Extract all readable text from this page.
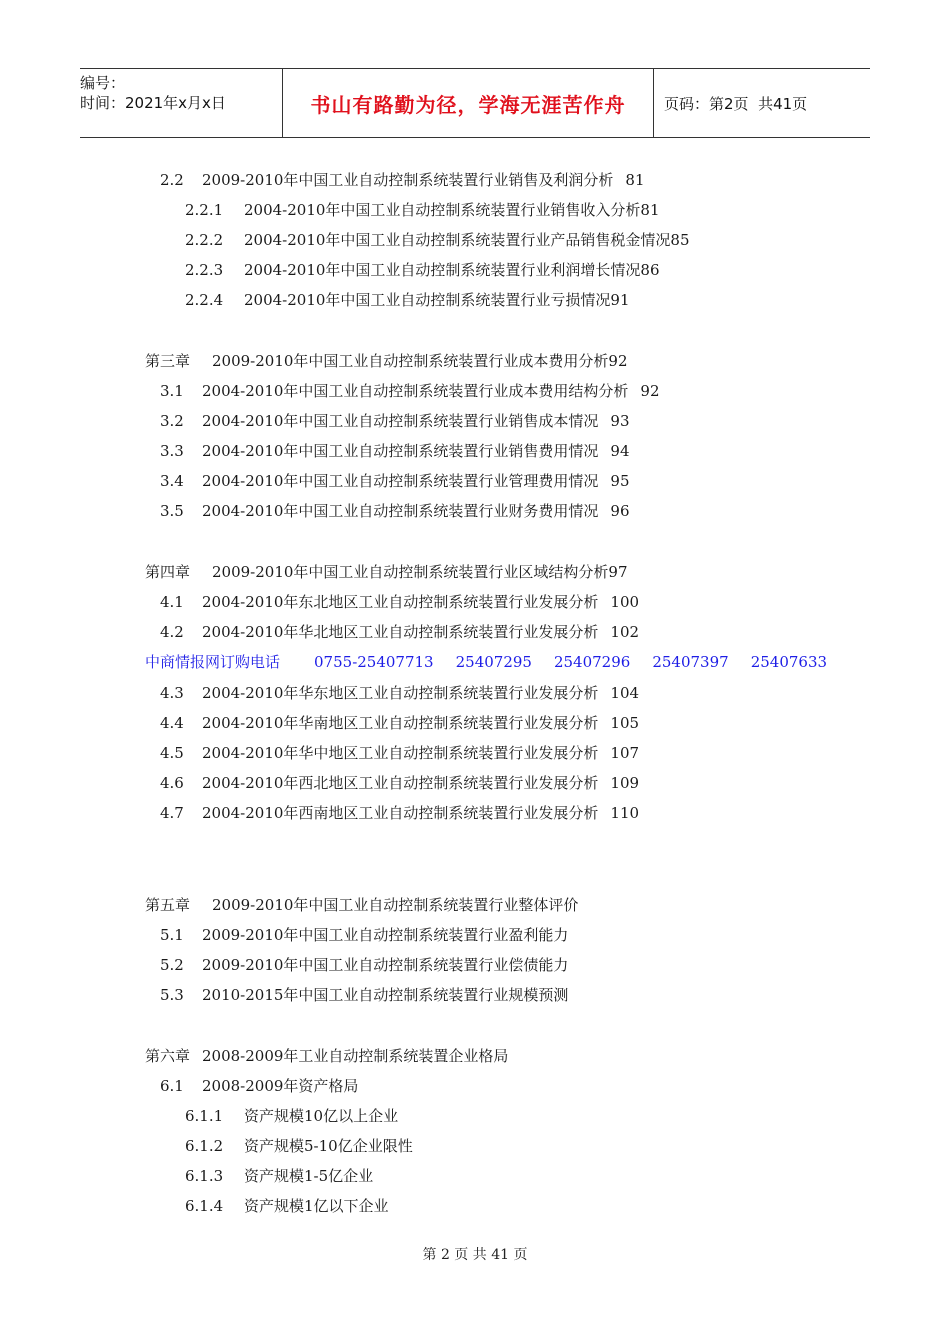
编号：
时间：2021年x月x日	书山有路勤为径，学海无涯苦作舟	页码：第2页  共41页
2.2 2009-2010年中国工业自动控制系统装置行业销售及利润分析 81
2.2.1 2004-2010年中国工业自动控制系统装置行业销售收入分析81
2.2.2 2004-2010年中国工业自动控制系统装置行业产品销售税金情况85
2.2.3 2004-2010年中国工业自动控制系统装置行业利润增长情况86
2.2.4 2004-2010年中国工业自动控制系统装置行业亏损情况91
第三章 2009-2010年中国工业自动控制系统装置行业成本费用分析92
3.1 2004-2010年中国工业自动控制系统装置行业成本费用结构分析 92
3.2 2004-2010年中国工业自动控制系统装置行业销售成本情况 93
3.3 2004-2010年中国工业自动控制系统装置行业销售费用情况 94
3.4 2004-2010年中国工业自动控制系统装置行业管理费用情况 95
3.5 2004-2010年中国工业自动控制系统装置行业财务费用情况 96
第四章 2009-2010年中国工业自动控制系统装置行业区域结构分析97
4.1 2004-2010年东北地区工业自动控制系统装置行业发展分析 100
4.2 2004-2010年华北地区工业自动控制系统装置行业发展分析 102
中商情报网订购电话 0755-25407713 25407295 25407296 25407397 25407633
4.3 2004-2010年华东地区工业自动控制系统装置行业发展分析 104
4.4 2004-2010年华南地区工业自动控制系统装置行业发展分析 105
4.5 2004-2010年华中地区工业自动控制系统装置行业发展分析 107
4.6 2004-2010年西北地区工业自动控制系统装置行业发展分析 109
4.7 2004-2010年西南地区工业自动控制系统装置行业发展分析 110
第五章 2009-2010年中国工业自动控制系统装置行业整体评价
5.1 2009-2010年中国工业自动控制系统装置行业盈利能力
5.2 2009-2010年中国工业自动控制系统装置行业偿债能力
5.3 2010-2015年中国工业自动控制系统装置行业规模预测
第六章 2008-2009年工业自动控制系统装置企业格局
6.1 2008-2009年资产格局
6.1.1 资产规模10亿以上企业
6.1.2 资产规模5-10亿企业限性
6.1.3 资产规模1-5亿企业
6.1.4 资产规模1亿以下企业
第 2 页 共 41 页
